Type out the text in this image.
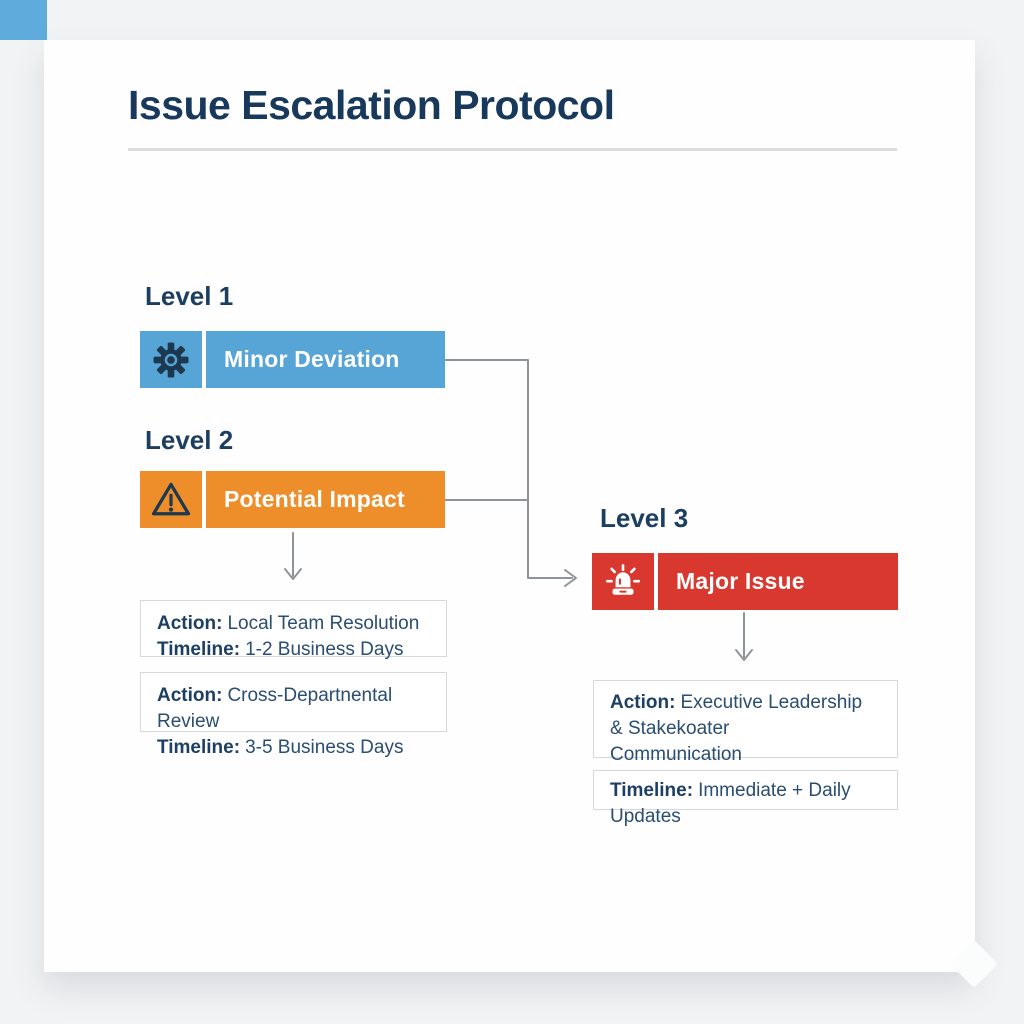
Issue Escalation Protocol
Level 1
Level 2
Level 3
Minor Deviation
Potential Impact
Major Issue
Action: Local Team Resolution
Timeline: 1-2 Business Days
Action: Cross-Departnental Review
Timeline: 3-5 Business Days
Action: Executive Leadership
& Stakekoater
Communication
Timeline: Immediate + Daily Updates
